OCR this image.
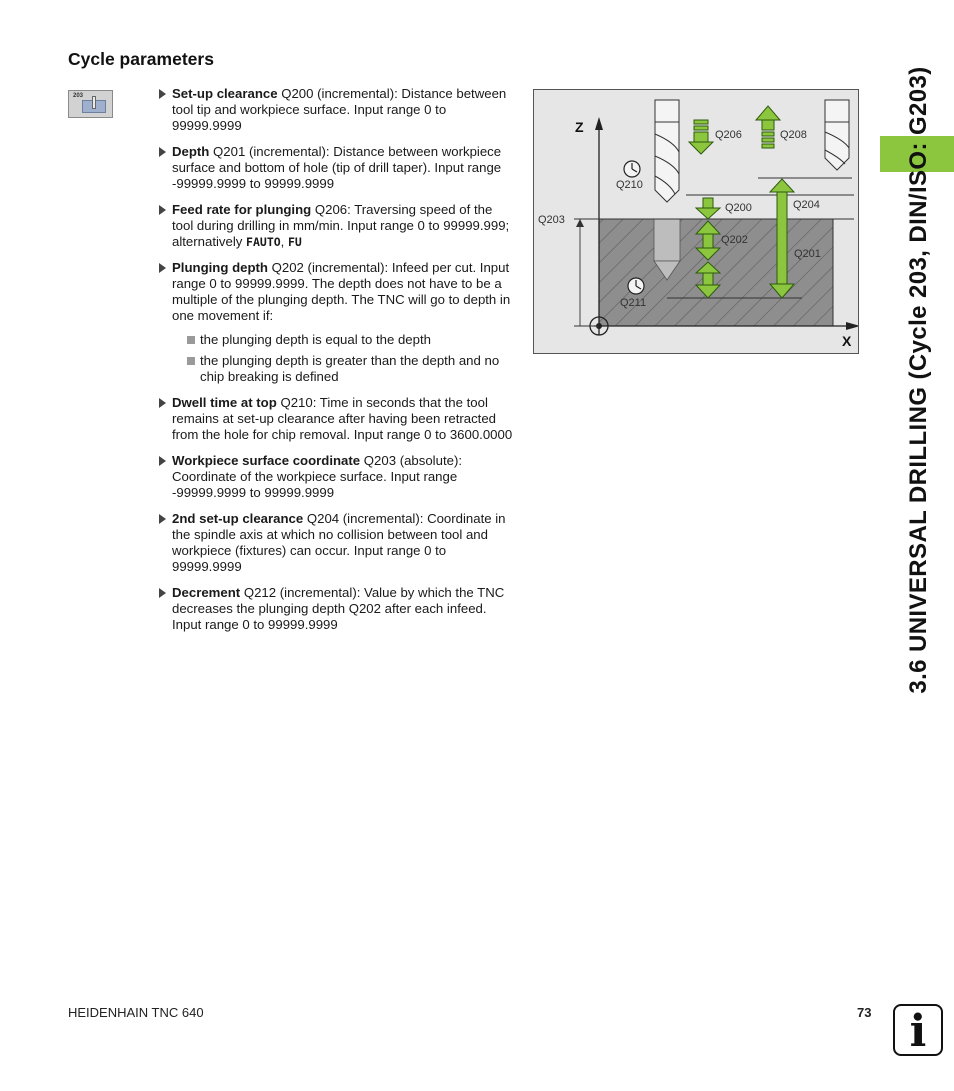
Cycle parameters
203	Set-up clearance Q200 (incremental): Distance between tool tip and workpiece surface. Input range 0 to 99999.9999
Depth Q201 (incremental): Distance between workpiece surface and bottom of hole (tip of drill taper). Input range -99999.9999 to 99999.9999
Feed rate for plunging Q206: Traversing speed of the tool during drilling in mm/min. Input range 0 to 99999.999; alternatively FAUTO, FU
Plunging depth Q202 (incremental): Infeed per cut. Input range 0 to 99999.9999. The depth does not have to be a multiple of the plunging depth. The TNC will go to depth in one movement if:
the plunging depth is equal to the depth
the plunging depth is greater than the depth and no chip breaking is defined
Dwell time at top Q210: Time in seconds that the tool remains at set-up clearance after having been retracted from the hole for chip removal. Input range 0 to 3600.0000
Workpiece surface coordinate Q203 (absolute): Coordinate of the workpiece surface. Input range -99999.9999 to 99999.9999
2nd set-up clearance Q204 (incremental): Coordinate in the spindle axis at which no collision between tool and workpiece (fixtures) can occur. Input range 0 to 99999.9999
Decrement Q212 (incremental): Value by which the TNC decreases the plunging depth Q202 after each infeed. Input range 0 to 99999.9999
Z
X
Q206	Q208
Q210
Q200	Q204
Q203
Q202
Q201
Q211	3.6 UNIVERSAL DRILLING (Cycle 203, DIN/ISO: G203)
HEIDENHAIN TNC 640	73 i
